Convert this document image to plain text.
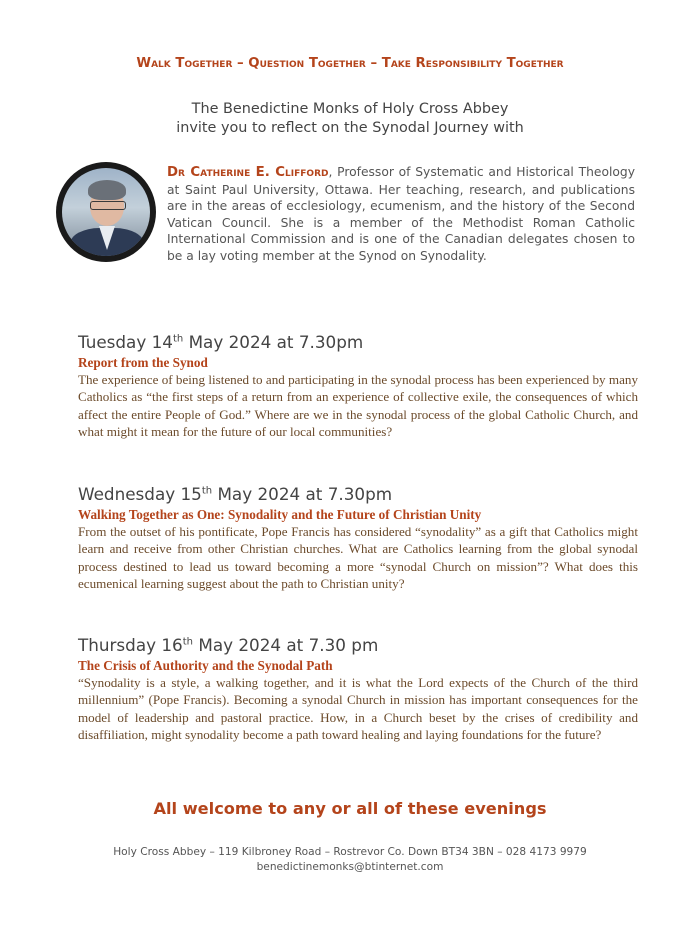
Walk Together – Question Together – Take Responsibility Together
The Benedictine Monks of Holy Cross Abbey
invite you to reflect on the Synodal Journey with
Dr Catherine E. Clifford, Professor of Systematic and Historical Theology at Saint Paul University, Ottawa. Her teaching, research, and publications are in the areas of ecclesiology, ecumenism, and the history of the Second Vatican Council. She is a member of the Methodist Roman Catholic International Commission and is one of the Canadian delegates chosen to be a lay voting member at the Synod on Synodality.
Tuesday 14th May 2024 at 7.30pm
Report from the Synod
The experience of being listened to and participating in the synodal process has been experienced by many Catholics as “the first steps of a return from an experience of collective exile, the consequences of which affect the entire People of God.” Where are we in the synodal process of the global Catholic Church, and what might it mean for the future of our local communities?
Wednesday 15th May 2024 at 7.30pm
Walking Together as One: Synodality and the Future of Christian Unity
From the outset of his pontificate, Pope Francis has considered “synodality” as a gift that Catholics might learn and receive from other Christian churches. What are Catholics learning from the global synodal process destined to lead us toward becoming a more “synodal Church on mission”? What does this ecumenical learning suggest about the path to Christian unity?
Thursday 16th May 2024 at 7.30 pm
The Crisis of Authority and the Synodal Path
“Synodality is a style, a walking together, and it is what the Lord expects of the Church of the third millennium” (Pope Francis). Becoming a synodal Church in mission has important consequences for the model of leadership and pastoral practice. How, in a Church beset by the crises of credibility and disaffiliation, might synodality become a path toward healing and laying foundations for the future?
All welcome to any or all of these evenings
Holy Cross Abbey – 119 Kilbroney Road – Rostrevor Co. Down BT34 3BN – 028 4173 9979
benedictinemonks@btinternet.com
